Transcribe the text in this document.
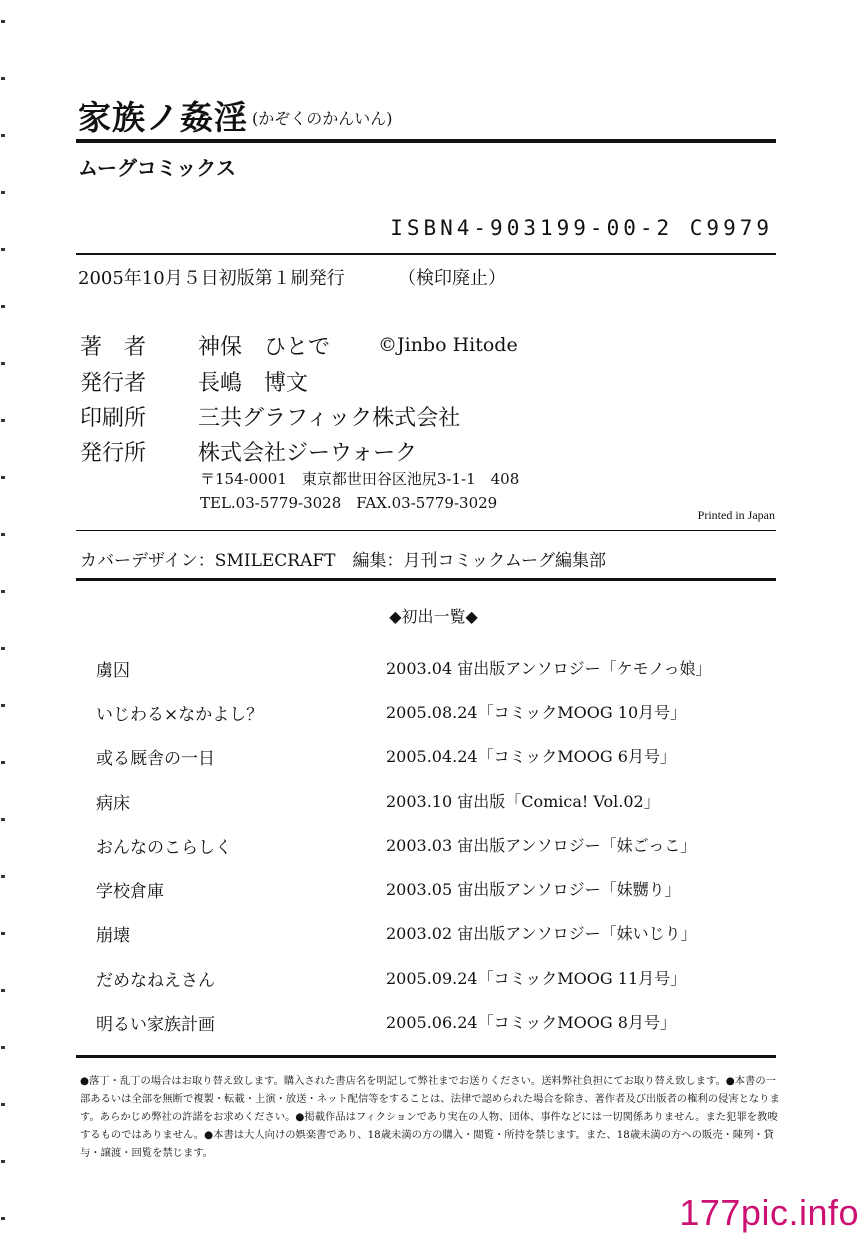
家族ノ姦淫 (かぞくのかんいん)
ムーグコミックス
ISBN4-903199-00-2 C9979
2005年10月５日初版第１刷発行	（検印廃止）
著　者 神保　ひとで	©Jinbo Hitode
発行者 長嶋　博文
印刷所 三共グラフィック株式会社
発行所 株式会社ジーウォーク
〒154-0001　東京都世田谷区池尻3-1-1　408
TEL.03-5779-3028　FAX.03-5779-3029
Printed in Japan
カバーデザイン：SMILECRAFT　編集：月刊コミックムーグ編集部
◆初出一覧◆
虜囚	2003.04 宙出版アンソロジー「ケモノっ娘」
いじわる×なかよし？	2005.08.24「コミックMOOG 10月号」
或る厩舎の一日	2005.04.24「コミックMOOG 6月号」
病床	2003.10 宙出版「Comica! Vol.02」
おんなのこらしく	2003.03 宙出版アンソロジー「妹ごっこ」
学校倉庫	2003.05 宙出版アンソロジー「妹嬲り」
崩壊	2003.02 宙出版アンソロジー「妹いじり」
だめなねえさん	2005.09.24「コミックMOOG 11月号」
明るい家族計画	2005.06.24「コミックMOOG 8月号」
●落丁・乱丁の場合はお取り替え致します。購入された書店名を明記して弊社までお送りください。送料弊社負担にてお取り替え致します。●本書の一部あるいは全部を無断で複製・転載・上演・放送・ネット配信等をすることは、法律で認められた場合を除き、著作者及び出版者の権利の侵害となります。あらかじめ弊社の許諾をお求めください。●掲載作品はフィクションであり実在の人物、団体、事件などには一切関係ありません。また犯罪を教唆するものではありません。●本書は大人向けの娯楽書であり、18歳未満の方の購入・閲覧・所持を禁じます。また、18歳未満の方への販売・陳列・貸与・譲渡・回覧を禁じます。
177pic.info
